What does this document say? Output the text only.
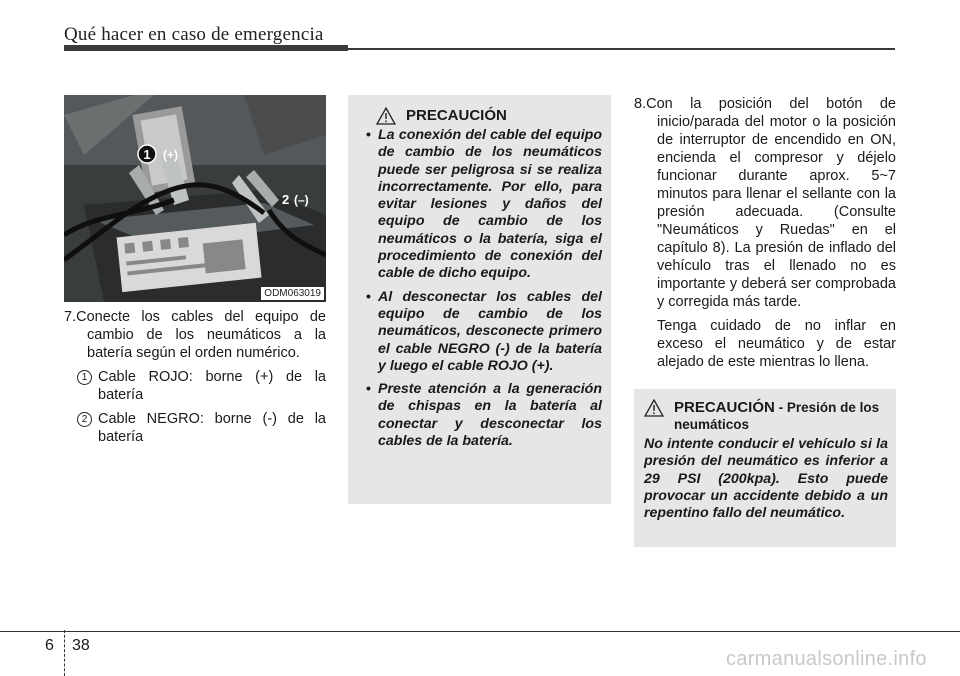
Qué hacer en caso de emergencia
1 (+)
2 (–)
ODM063019
7.Conecte los cables del equipo de cambio de los neumáticos a la batería según el orden numérico.
1 Cable ROJO: borne (+) de la batería
2 Cable NEGRO: borne (-) de la batería
PRECAUCIÓN
• La conexión del cable del equipo de cambio de los neumáticos puede ser peligrosa si se realiza incorrectamente. Por ello, para evitar lesiones y daños del equipo de cambio de los neumáticos o la batería, siga el procedimiento de conexión del cable de dicho equipo.
• Al desconectar los cables del equipo de cambio de los neumáticos, desconecte primero el cable NEGRO (-) de la batería y luego el cable ROJO (+).
• Preste atención a la generación de chispas en la batería al conectar y desconectar los cables de la batería.

8.Con la posición del botón de inicio/parada del motor o la posición de interruptor de encendido en ON, encienda el compresor y déjelo funcionar durante aprox. 5~7 minutos para llenar el sellante con la presión adecuada. (Consulte "Neumáticos y Ruedas" en el capítulo 8). La presión de inflado del vehículo tras el llenado no es importante y deberá ser comprobada y corregida más tarde.

Tenga cuidado de no inflar en exceso el neumático y de estar alejado de este mientras lo llena.

PRECAUCIÓN - Presión de los neumáticos
No intente conducir el vehículo si la presión del neumático es inferior a 29 PSI (200kpa). Esto puede provocar un accidente debido a un repentino fallo del neumático.
6 38
carmanualsonline.info
